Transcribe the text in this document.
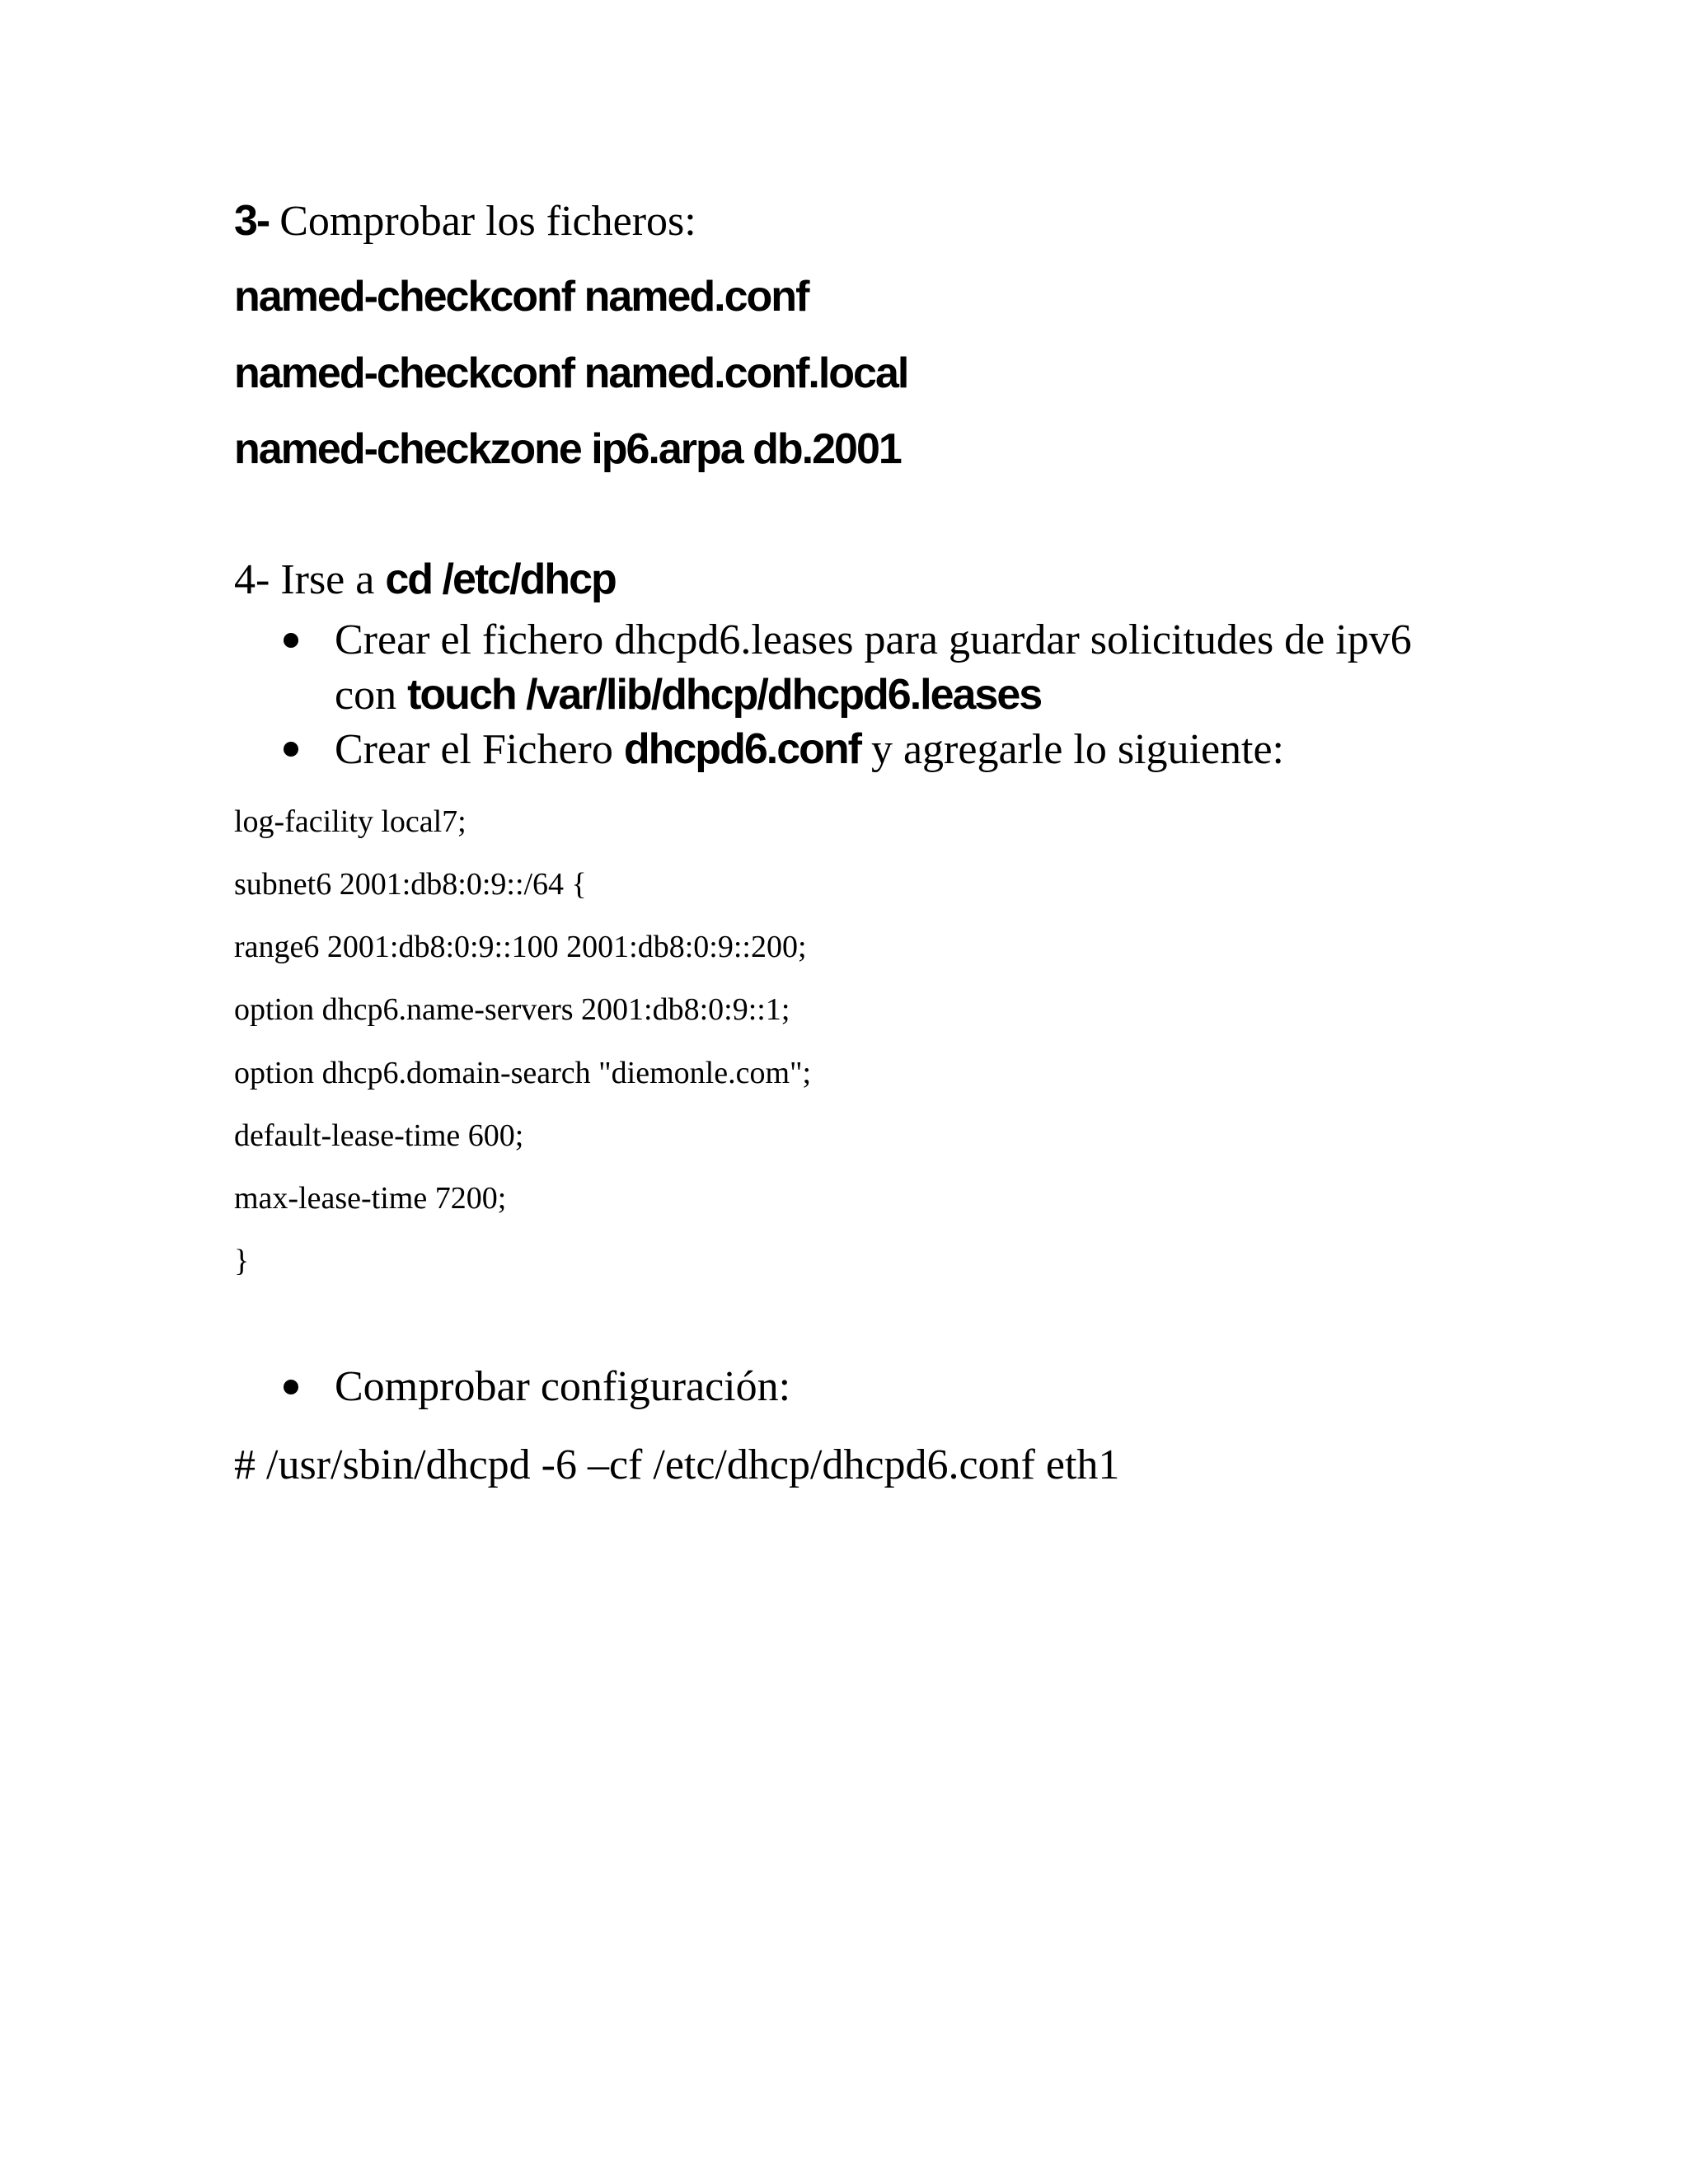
3- Comprobar los ficheros:
named-checkconf named.conf
named-checkconf named.conf.local
named-checkzone ip6.arpa db.2001
4- Irse a cd /etc/dhcp
Crear el fichero dhcpd6.leases para guardar solicitudes de ipv6 con touch /var/lib/dhcp/dhcpd6.leases
Crear el Fichero dhcpd6.conf y agregarle lo siguiente:
log-facility local7;
subnet6 2001:db8:0:9::/64 {
range6 2001:db8:0:9::100 2001:db8:0:9::200;
option dhcp6.name-servers 2001:db8:0:9::1;
option dhcp6.domain-search "diemonle.com";
default-lease-time 600;
max-lease-time 7200;
}
Comprobar configuración:
# /usr/sbin/dhcpd -6 –cf /etc/dhcp/dhcpd6.conf eth1
